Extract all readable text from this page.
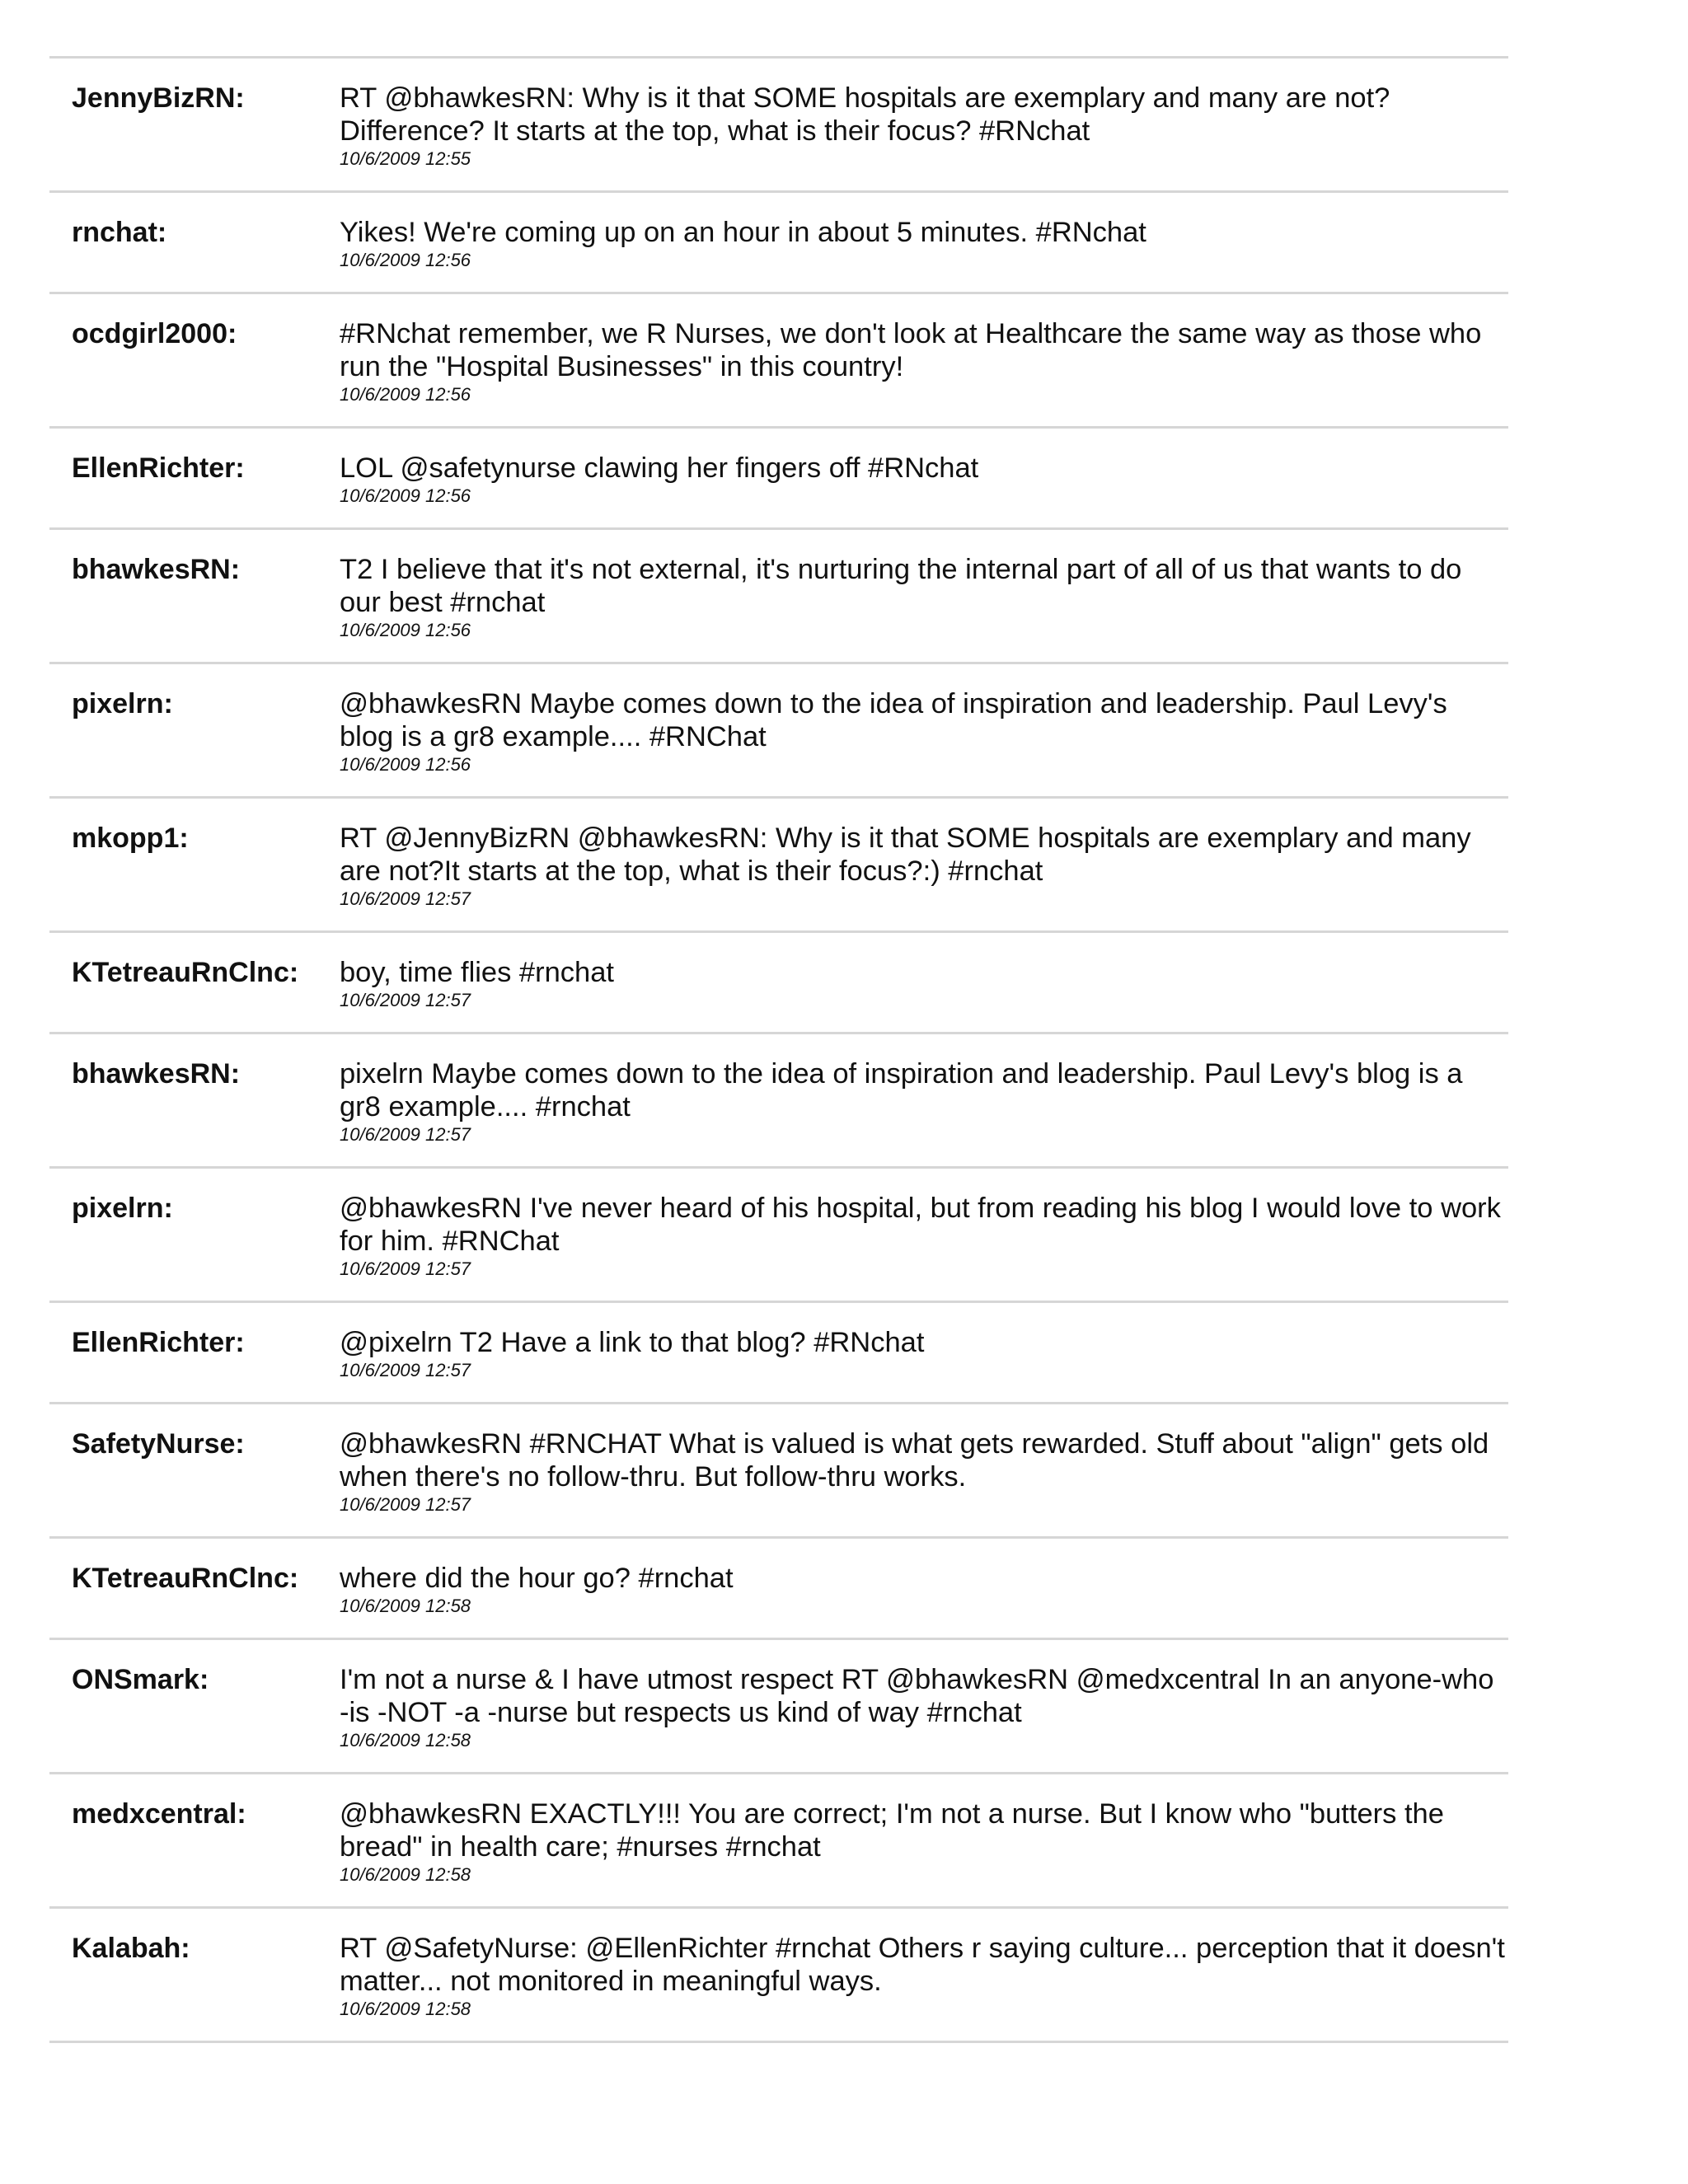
JennyBizRN:	RT @bhawkesRN: Why is it that SOME hospitals are exemplary and many are not? Difference? It starts at the top, what is their focus? #RNchat

10/6/2009 12:55
rnchat:	Yikes! We're coming up on an hour in about 5 minutes. #RNchat

10/6/2009 12:56
ocdgirl2000:	#RNchat remember, we R Nurses, we don't look at Healthcare the same way as those who run the "Hospital Businesses" in this country!

10/6/2009 12:56
EllenRichter:	LOL @safetynurse clawing her fingers off #RNchat

10/6/2009 12:56
bhawkesRN:	T2 I believe that it's not external, it's nurturing the internal part of all of us that wants to do our best #rnchat

10/6/2009 12:56
pixelrn:	@bhawkesRN Maybe comes down to the idea of inspiration and leadership. Paul Levy's blog is a gr8 example.... #RNChat

10/6/2009 12:56
mkopp1:	RT @JennyBizRN @bhawkesRN: Why is it that SOME hospitals are exemplary and many are not?It starts at the top, what is their focus?:) #rnchat

10/6/2009 12:57
KTetreauRnClnc:	boy, time flies #rnchat

10/6/2009 12:57
bhawkesRN:	pixelrn Maybe comes down to the idea of inspiration and leadership. Paul Levy's blog is a gr8 example.... #rnchat

10/6/2009 12:57
pixelrn:	@bhawkesRN I've never heard of his hospital, but from reading his blog I would love to work for him. #RNChat

10/6/2009 12:57
EllenRichter:	@pixelrn T2 Have a link to that blog? #RNchat

10/6/2009 12:57
SafetyNurse:	@bhawkesRN #RNCHAT What is valued is what gets rewarded. Stuff about "align" gets old when there's no follow-thru. But follow-thru works.

10/6/2009 12:57
KTetreauRnClnc:	where did the hour go? #rnchat

10/6/2009 12:58
ONSmark:	I'm not a nurse & I have utmost respect RT @bhawkesRN @medxcentral In an anyone-who -is -NOT -a -nurse but respects us kind of way #rnchat

10/6/2009 12:58
medxcentral:	@bhawkesRN EXACTLY!!! You are correct; I'm not a nurse. But I know who "butters the bread" in health care; #nurses #rnchat

10/6/2009 12:58
Kalabah:	RT @SafetyNurse: @EllenRichter #rnchat Others r saying culture... perception that it doesn't matter... not monitored in meaningful ways.

10/6/2009 12:58
